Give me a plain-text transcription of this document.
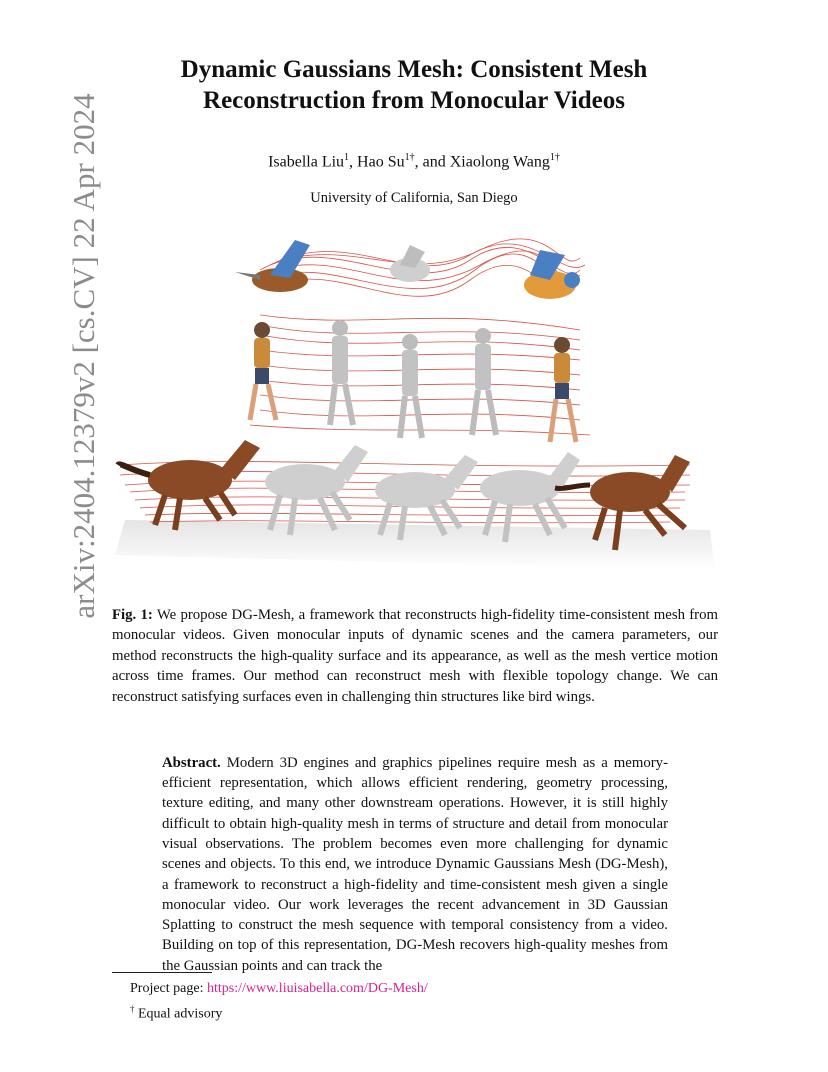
arXiv:2404.12379v2 [cs.CV] 22 Apr 2024
Dynamic Gaussians Mesh: Consistent Mesh Reconstruction from Monocular Videos
Isabella Liu$^1$, Hao $Su^{1\dagger}$, and Xiaolong Wang$^{1\dagger}$
University of California, San Diego

Fig. 1: We propose DG-Mesh, a framework that reconstructs high-fidelity time-consistent mesh from monocular videos. Given monocular inputs of dynamic scenes and the camera parameters, our method reconstructs the high-quality surface and its appearance, as well as the mesh vertice motion across time frames. Our method can reconstruct mesh with flexible topology change. We can reconstruct satisfying surfaces even in challenging thin structures like bird wings.

Abstract. Modern 3D engines and graphics pipelines require mesh as a memory-efficient representation, which allows efficient rendering, geometry processing, texture editing, and many other downstream operations. However, it is still highly difficult to obtain high-quality mesh in terms of structure and detail from monocular visual observations. The problem becomes even more challenging for dynamic scenes and objects. To this end, we introduce Dynamic Gaussians Mesh (DG-Mesh), a framework to reconstruct a high-fidelity and time-consistent mesh given a single monocular video. Our work leverages the recent advancement in 3D Gaussian Splatting to construct the mesh sequence with temporal consistency from a video. Building on top of this representation, DG-Mesh recovers high-quality meshes from the Gaussian points and can track the

Project page: https://www.liuisabella.com/DG-Mesh/
† Equal advisory
